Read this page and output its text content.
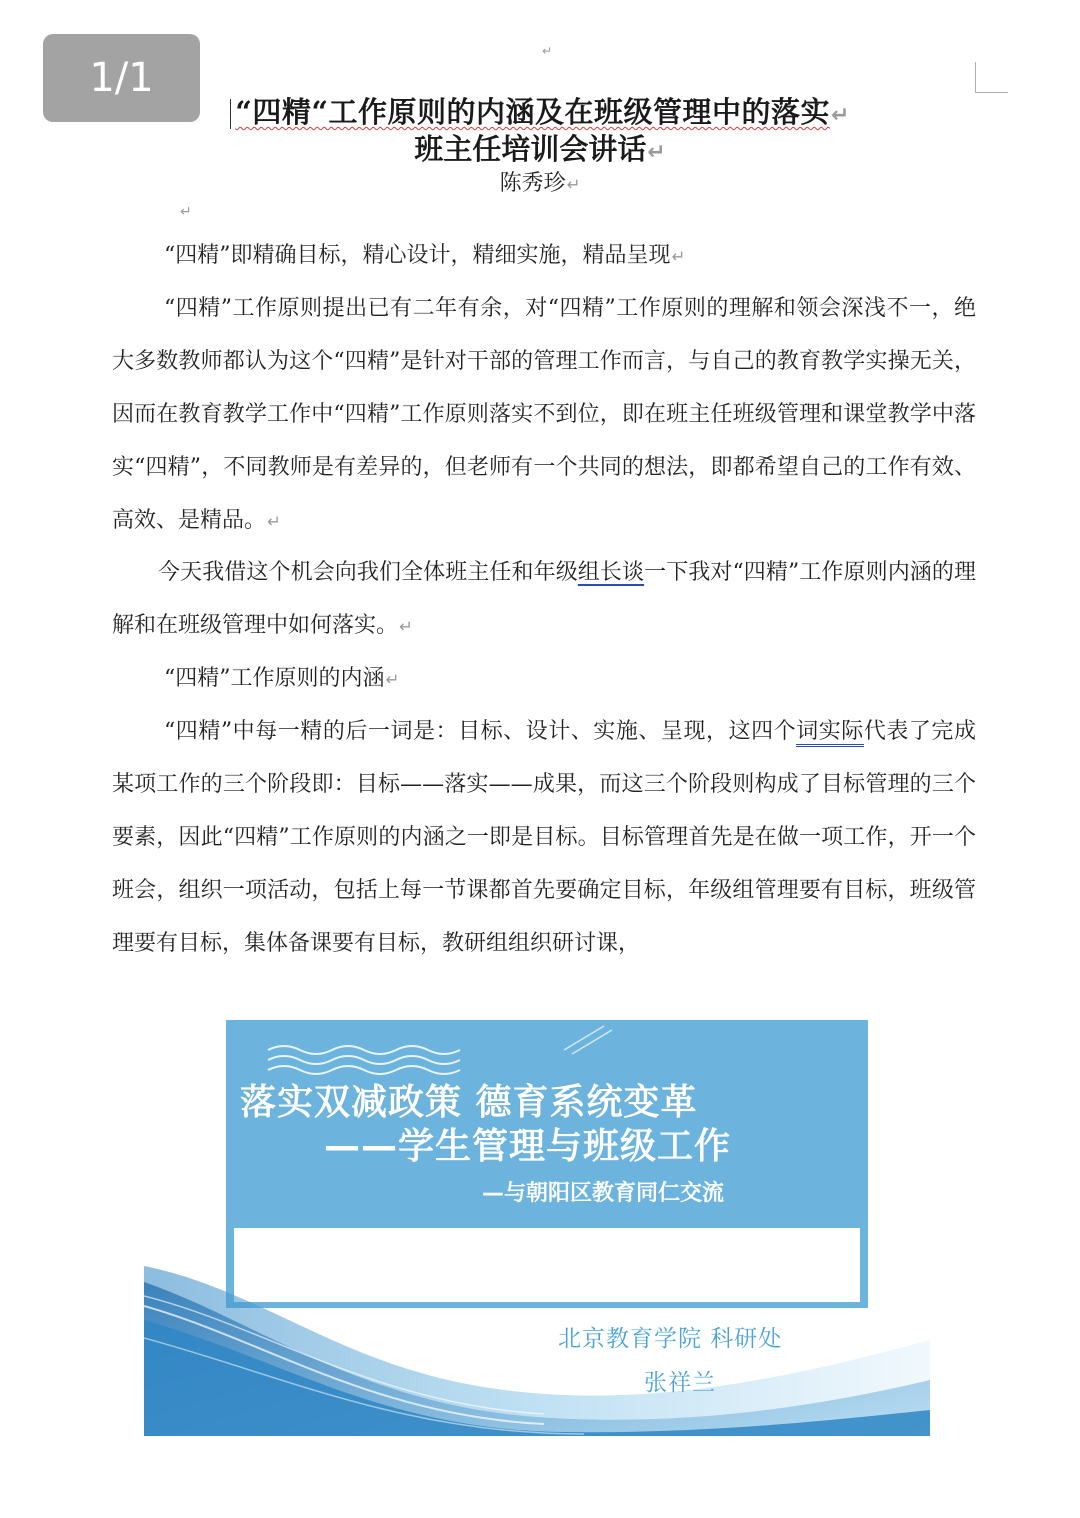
1/1
↵
“四精“工作原则的内涵及在班级管理中的落实↵
班主任培训会讲话↵
陈秀珍↵
↵
“四精”即精确目标，精心设计，精细实施，精品呈现↵
“四精”工作原则提出已有二年有余，对“四精”工作原则的理解和领会深浅不一，绝大多数教师都认为这个“四精”是针对干部的管理工作而言，与自己的教育教学实操无关，因而在教育教学工作中“四精”工作原则落实不到位，即在班主任班级管理和课堂教学中落实“四精”，不同教师是有差异的，但老师有一个共同的想法，即都希望自己的工作有效、高效、是精品。↵
今天我借这个机会向我们全体班主任和年级组长谈一下我对“四精”工作原则内涵的理解和在班级管理中如何落实。↵
“四精”工作原则的内涵↵
“四精”中每一精的后一词是：目标、设计、实施、呈现，这四个词实际代表了完成某项工作的三个阶段即：目标——落实——成果，而这三个阶段则构成了目标管理的三个要素，因此“四精”工作原则的内涵之一即是目标。目标管理首先是在做一项工作，开一个班会，组织一项活动，包括上每一节课都首先要确定目标，年级组管理要有目标，班级管理要有目标，集体备课要有目标，教研组组织研讨课，
落实双减政策 德育系统变革
——学生管理与班级工作
—与朝阳区教育同仁交流
北京教育学院 科研处
张祥兰
